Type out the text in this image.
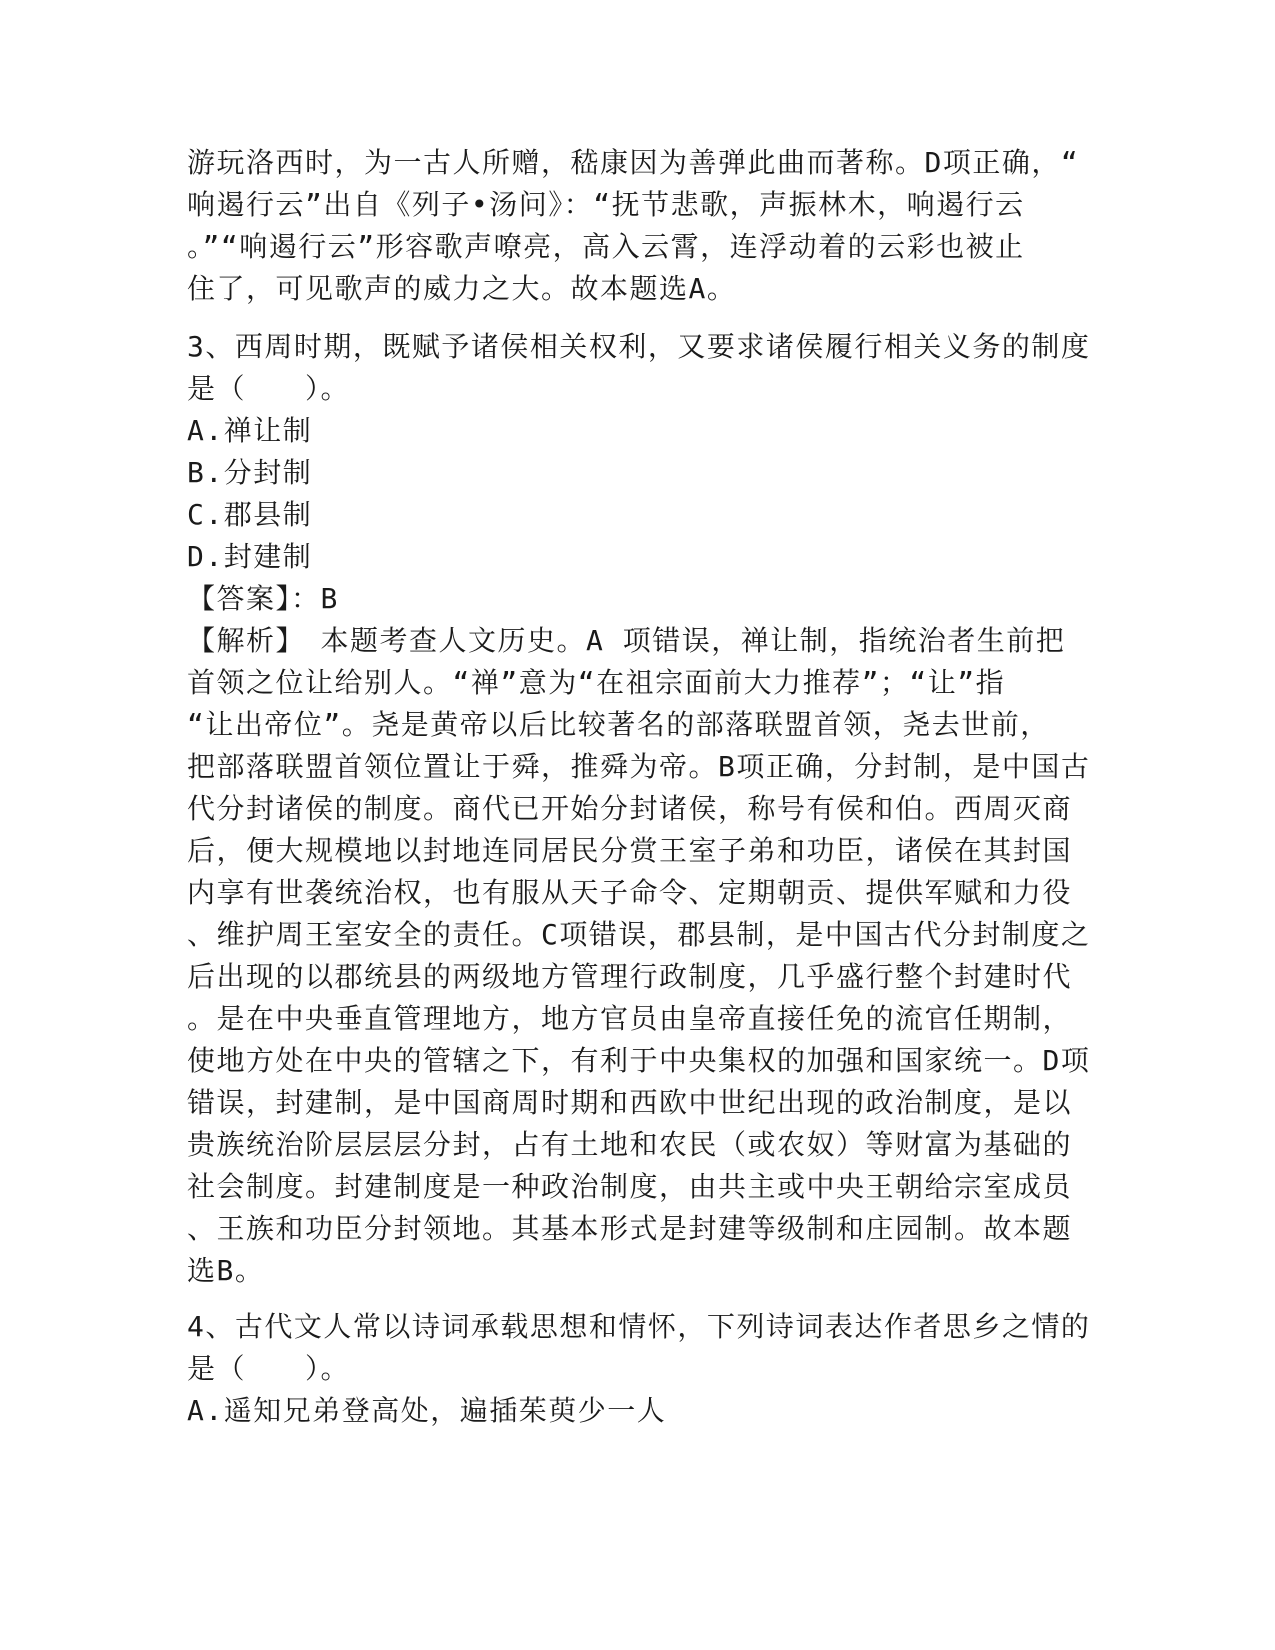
游玩洛西时，为一古人所赠，嵇康因为善弹此曲而著称。D项正确，“
响遏行云”出自《列子•汤问》：“抚节悲歌，声振林木，响遏行云
。”“响遏行云”形容歌声嘹亮，高入云霄，连浮动着的云彩也被止
住了，可见歌声的威力之大。故本题选A。
3、西周时期，既赋予诸侯相关权利，又要求诸侯履行相关义务的制度
是（　　）。
A.禅让制
B.分封制
C.郡县制
D.封建制
【答案】：B
【解析】　本题考查人文历史。A 项错误，禅让制，指统治者生前把
首领之位让给别人。“禅”意为“在祖宗面前大力推荐”；“让”指
“让出帝位”。尧是黄帝以后比较著名的部落联盟首领，尧去世前，
把部落联盟首领位置让于舜，推舜为帝。B项正确，分封制，是中国古
代分封诸侯的制度。商代已开始分封诸侯，称号有侯和伯。西周灭商
后，便大规模地以封地连同居民分赏王室子弟和功臣，诸侯在其封国
内享有世袭统治权，也有服从天子命令、定期朝贡、提供军赋和力役
、维护周王室安全的责任。C项错误，郡县制，是中国古代分封制度之
后出现的以郡统县的两级地方管理行政制度，几乎盛行整个封建时代
。是在中央垂直管理地方，地方官员由皇帝直接任免的流官任期制，
使地方处在中央的管辖之下，有利于中央集权的加强和国家统一。D项
错误，封建制，是中国商周时期和西欧中世纪出现的政治制度，是以
贵族统治阶层层层分封，占有土地和农民（或农奴）等财富为基础的
社会制度。封建制度是一种政治制度，由共主或中央王朝给宗室成员
、王族和功臣分封领地。其基本形式是封建等级制和庄园制。故本题
选B。
4、古代文人常以诗词承载思想和情怀，下列诗词表达作者思乡之情的
是（　　）。
A.遥知兄弟登高处，遍插茱萸少一人
